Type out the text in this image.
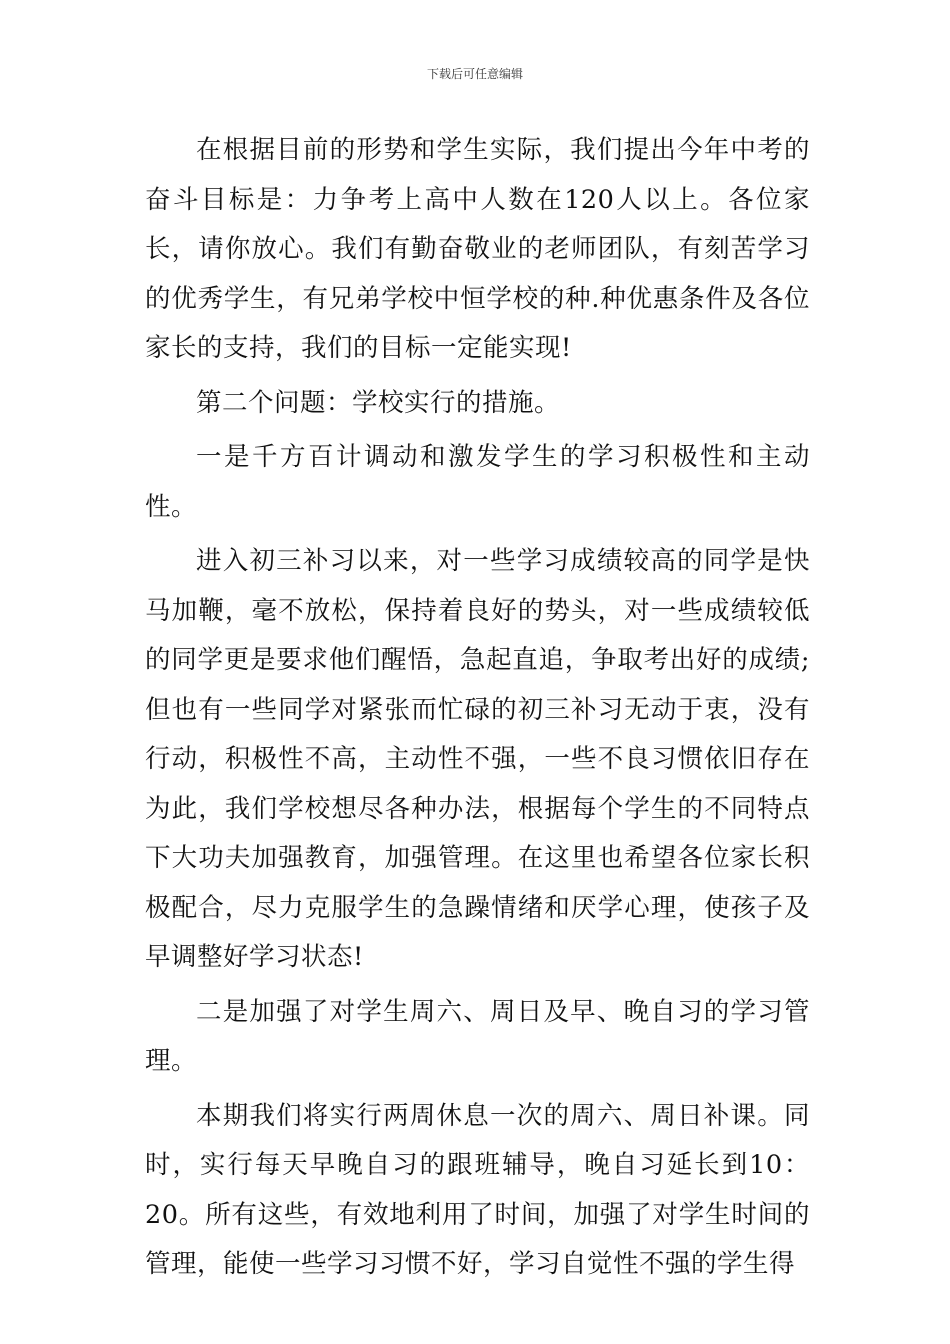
下载后可任意编辑

在根据目前的形势和学生实际，我们提出今年中考的奋斗目标是：力争考上高中人数在120人以上。各位家长，请你放心。我们有勤奋敬业的老师团队，有刻苦学习的优秀学生，有兄弟学校中恒学校的种.种优惠条件及各位家长的支持，我们的目标一定能实现!

第二个问题：学校实行的措施。

一是千方百计调动和激发学生的学习积极性和主动性。

进入初三补习以来，对一些学习成绩较高的同学是快马加鞭，毫不放松，保持着良好的势头，对一些成绩较低的同学更是要求他们醒悟，急起直追，争取考出好的成绩;但也有一些同学对紧张而忙碌的初三补习无动于衷，没有行动，积极性不高，主动性不强，一些不良习惯依旧存在为此，我们学校想尽各种办法，根据每个学生的不同特点下大功夫加强教育，加强管理。在这里也希望各位家长积极配合，尽力克服学生的急躁情绪和厌学心理，使孩子及早调整好学习状态!

二是加强了对学生周六、周日及早、晚自习的学习管理。

本期我们将实行两周休息一次的周六、周日补课。同时，实行每天早晚自习的跟班辅导，晚自习延长到10：20。所有这些，有效地利用了时间，加强了对学生时间的管理，能使一些学习习惯不好，学习自觉性不强的学生得
